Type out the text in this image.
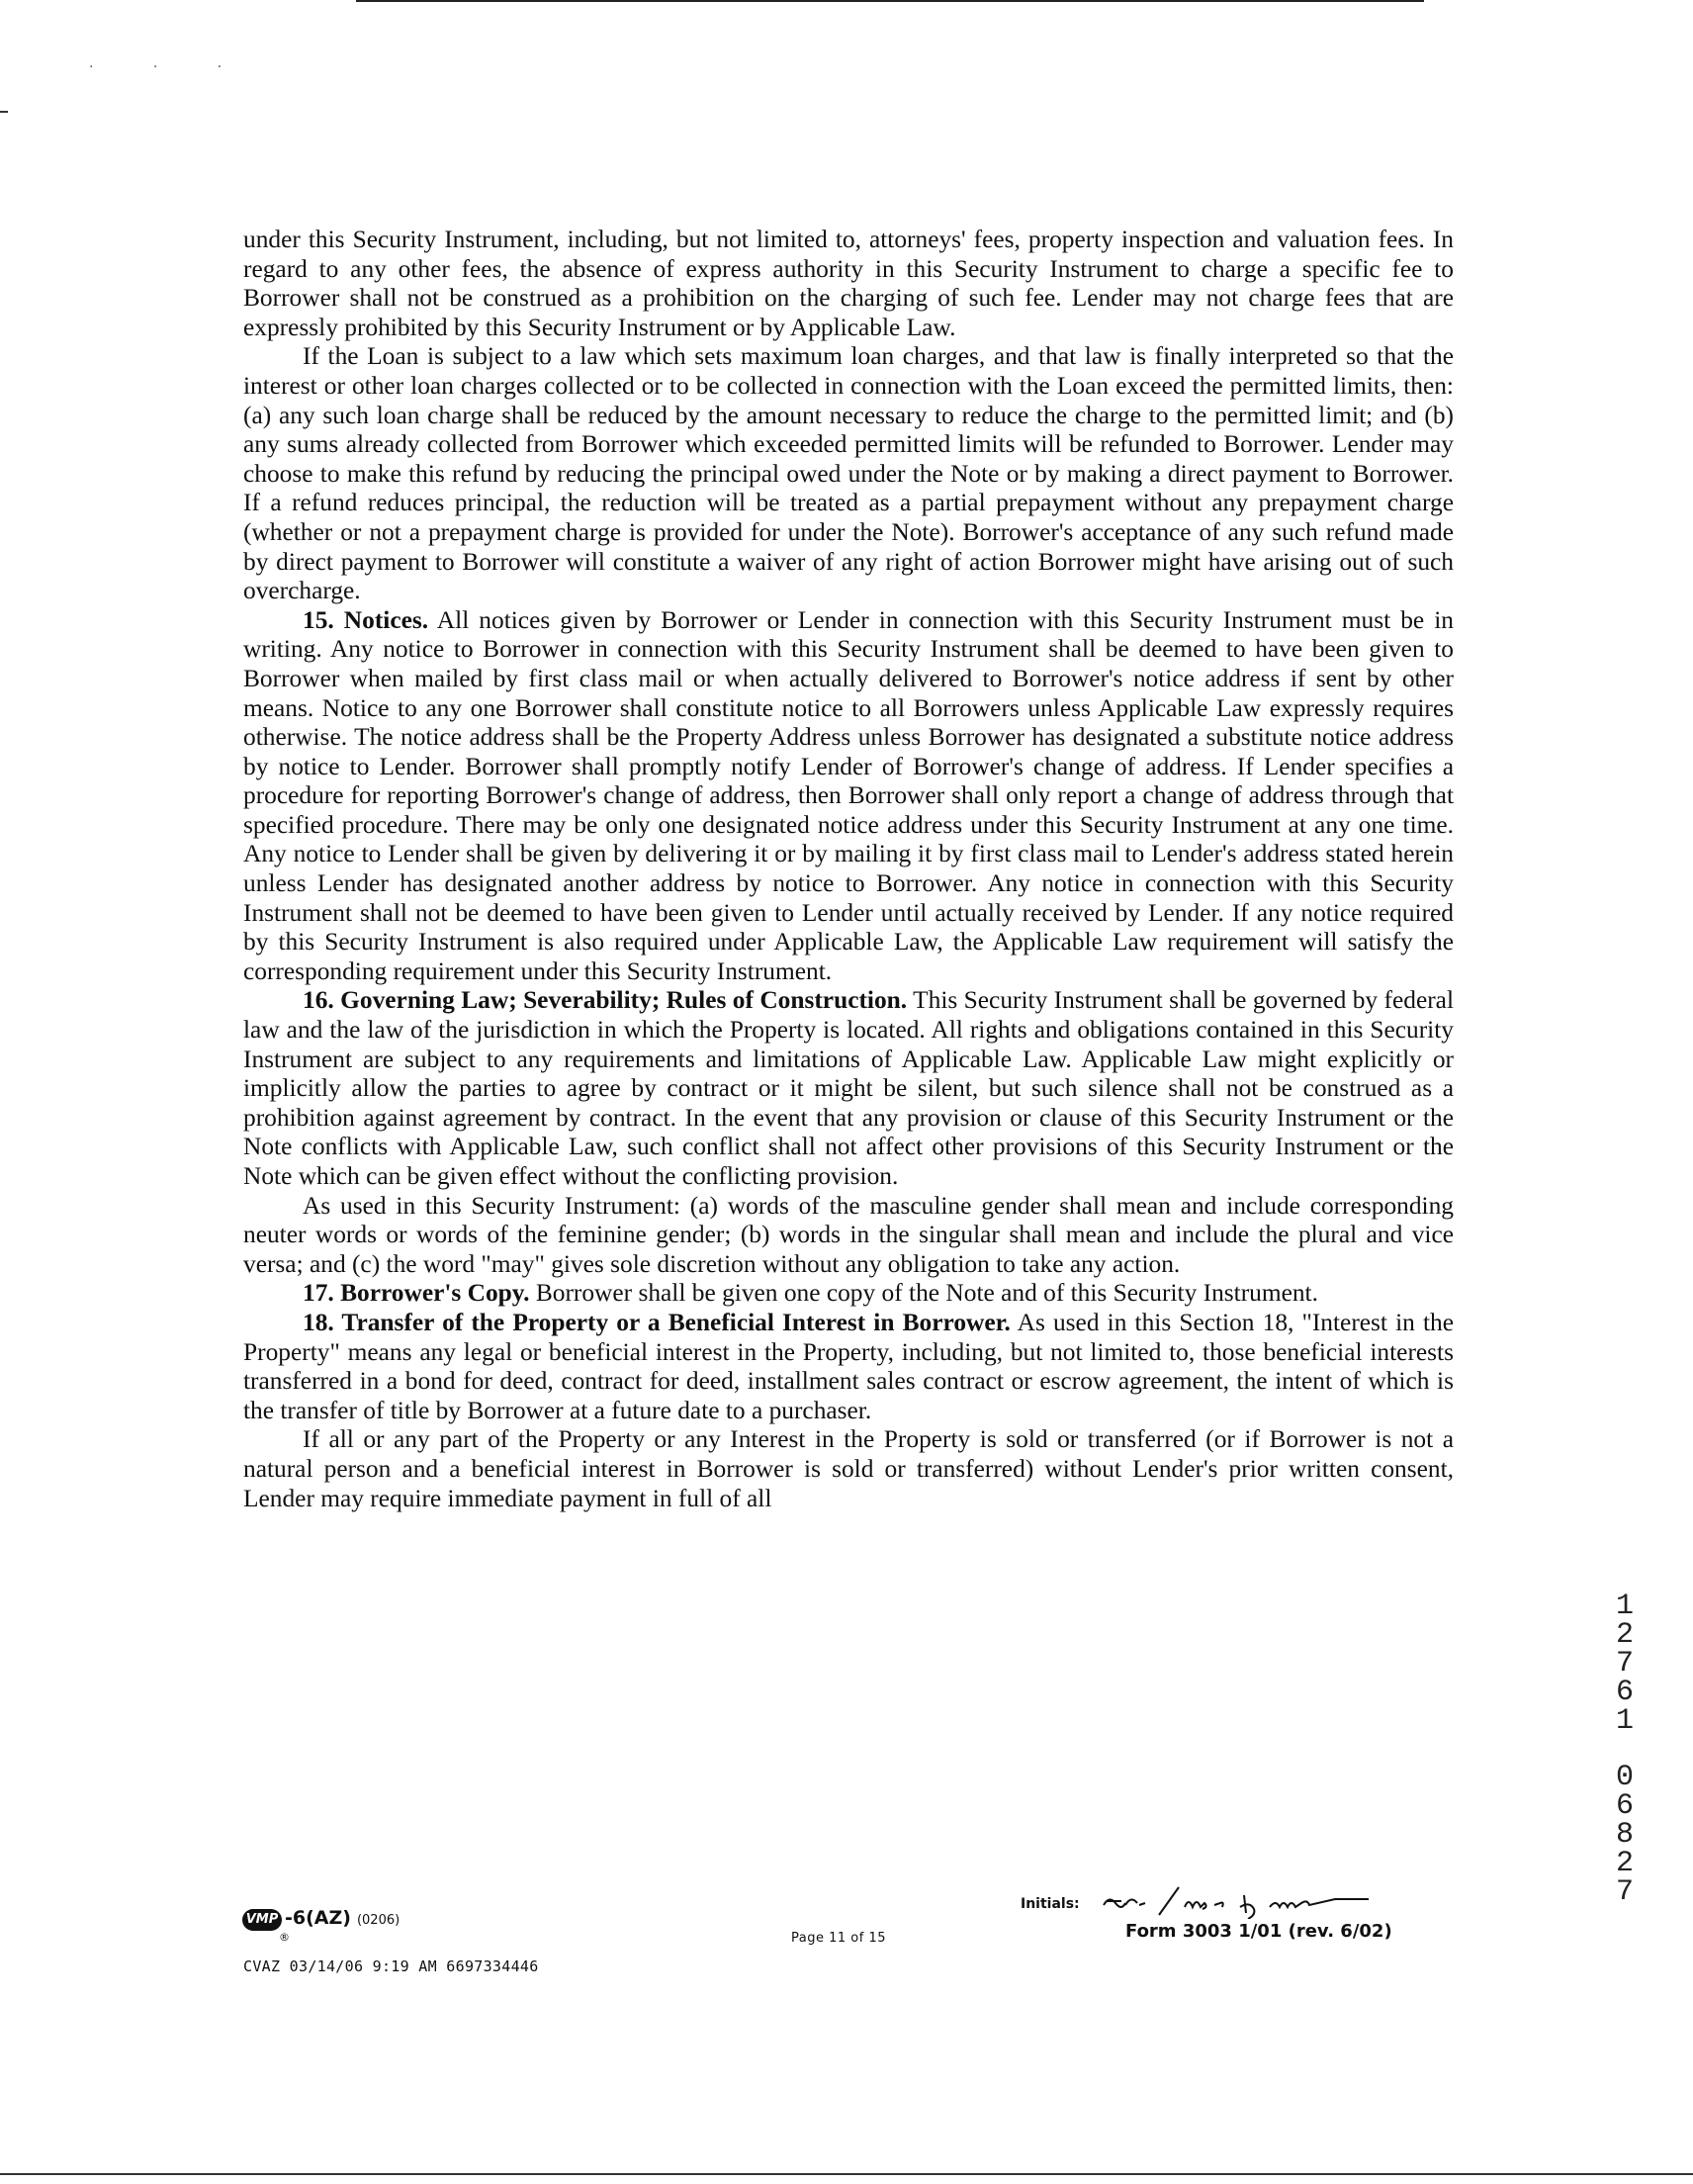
· · ·

under this Security Instrument, including, but not limited to, attorneys' fees, property inspection and valuation fees. In regard to any other fees, the absence of express authority in this Security Instrument to charge a specific fee to Borrower shall not be construed as a prohibition on the charging of such fee. Lender may not charge fees that are expressly prohibited by this Security Instrument or by Applicable Law.

If the Loan is subject to a law which sets maximum loan charges, and that law is finally interpreted so that the interest or other loan charges collected or to be collected in connection with the Loan exceed the permitted limits, then: (a) any such loan charge shall be reduced by the amount necessary to reduce the charge to the permitted limit; and (b) any sums already collected from Borrower which exceeded permitted limits will be refunded to Borrower. Lender may choose to make this refund by reducing the principal owed under the Note or by making a direct payment to Borrower. If a refund reduces principal, the reduction will be treated as a partial prepayment without any prepayment charge (whether or not a prepayment charge is provided for under the Note). Borrower's acceptance of any such refund made by direct payment to Borrower will constitute a waiver of any right of action Borrower might have arising out of such overcharge.

15. Notices. All notices given by Borrower or Lender in connection with this Security Instrument must be in writing. Any notice to Borrower in connection with this Security Instrument shall be deemed to have been given to Borrower when mailed by first class mail or when actually delivered to Borrower's notice address if sent by other means. Notice to any one Borrower shall constitute notice to all Borrowers unless Applicable Law expressly requires otherwise. The notice address shall be the Property Address unless Borrower has designated a substitute notice address by notice to Lender. Borrower shall promptly notify Lender of Borrower's change of address. If Lender specifies a procedure for reporting Borrower's change of address, then Borrower shall only report a change of address through that specified procedure. There may be only one designated notice address under this Security Instrument at any one time. Any notice to Lender shall be given by delivering it or by mailing it by first class mail to Lender's address stated herein unless Lender has designated another address by notice to Borrower. Any notice in connection with this Security Instrument shall not be deemed to have been given to Lender until actually received by Lender. If any notice required by this Security Instrument is also required under Applicable Law, the Applicable Law requirement will satisfy the corresponding requirement under this Security Instrument.

16. Governing Law; Severability; Rules of Construction. This Security Instrument shall be governed by federal law and the law of the jurisdiction in which the Property is located. All rights and obligations contained in this Security Instrument are subject to any requirements and limitations of Applicable Law. Applicable Law might explicitly or implicitly allow the parties to agree by contract or it might be silent, but such silence shall not be construed as a prohibition against agreement by contract. In the event that any provision or clause of this Security Instrument or the Note conflicts with Applicable Law, such conflict shall not affect other provisions of this Security Instrument or the Note which can be given effect without the conflicting provision.

As used in this Security Instrument: (a) words of the masculine gender shall mean and include corresponding neuter words or words of the feminine gender; (b) words in the singular shall mean and include the plural and vice versa; and (c) the word "may" gives sole discretion without any obligation to take any action.

17. Borrower's Copy. Borrower shall be given one copy of the Note and of this Security Instrument.

18. Transfer of the Property or a Beneficial Interest in Borrower. As used in this Section 18, "Interest in the Property" means any legal or beneficial interest in the Property, including, but not limited to, those beneficial interests transferred in a bond for deed, contract for deed, installment sales contract or escrow agreement, the intent of which is the transfer of title by Borrower at a future date to a purchaser.

If all or any part of the Property or any Interest in the Property is sold or transferred (or if Borrower is not a natural person and a beneficial interest in Borrower is sold or transferred) without Lender's prior written consent, Lender may require immediate payment in full of all

1
2
7
6
1
0
6
8
2
7
VMP
®
-6(AZ) (0206)
Page 11 of 15
Initials:
Form 3003 1/01 (rev. 6/02)
CVAZ 03/14/06 9:19 AM 6697334446
